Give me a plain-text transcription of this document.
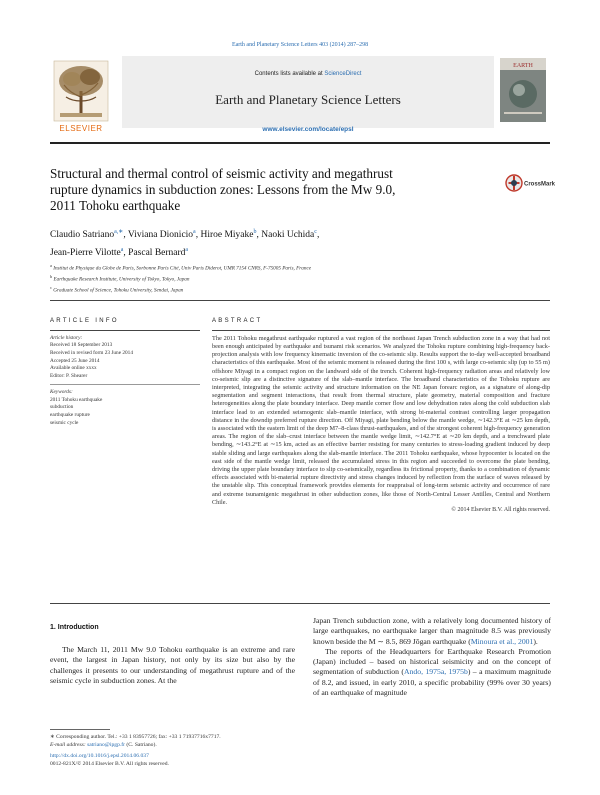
Earth and Planetary Science Letters 403 (2014) 287–298
ELSEVIER
Contents lists available at ScienceDirect
Earth and Planetary Science Letters
www.elsevier.com/locate/epsl
EARTH
Structural and thermal control of seismic activity and megathrust
rupture dynamics in subduction zones: Lessons from the Mw 9.0,
2011 Tohoku earthquake
CrossMark
Claudio Satriano$^{a,∗}$, Viviana Dionicio$^a$, Hiroe Miyake$^b$, Naoki Uchida$^c$,
Jean-Pierre Vilotte$^a$, Pascal Bernard$^a$
$^a$ Institut de Physique du Globe de Paris, Sorbonne Paris Cité, Univ Paris Diderot, UMR 7154 CNRS, F-75005 Paris, France
$^b$ Earthquake Research Institute, University of Tokyo, Tokyo, Japan
$^c$ Graduate School of Science, Tohoku University, Sendai, Japan
ARTICLE INFO
Article history:
Received 18 September 2013
Received in revised form 23 June 2014
Accepted 25 June 2014
Available online xxxx
Editor: P. Shearer
Keywords:
2011 Tohoku earthquake
subduction
earthquake rupture
seismic cycle
ABSTRACT
The 2011 Tohoku megathrust earthquake ruptured a vast region of the northeast Japan Trench subduction zone in a way that had not been enough anticipated by earthquake and tsunami risk scenarios. We analyzed the Tohoku rupture combining high-frequency back-projection analysis with low frequency kinematic inversion of the co-seismic slip. Results support the to-day well-accepted broadband characteristics of this earthquake. Most of the seismic moment is released during the first 100 s, with large co-seismic slip (up to 55 m) offshore Miyagi in a compact region on the landward side of the trench. Coherent high-frequency radiation areas and relatively low co-seismic slip are a distinctive signature of the slab–mantle interface. The broadband characteristics of the Tohoku rupture are interpreted, integrating the seismic activity and structure information on the NE Japan forearc region, as a signature of along-dip segmentation and segment interactions, that result from thermal structure, plate geometry, material composition and fracture heterogeneities along the plate boundary interface. Deep mantle corner flow and low dehydration rates along the cold subduction slab interface lead to an extended seismogenic slab–mantle interface, with strong bi-material contrast controlling larger propagation distance in the downdip preferred rupture direction. Off Miyagi, plate bending below the mantle wedge, ∼142.3°E at ∼25 km depth, is associated with the eastern limit of the deep M7–8-class thrust-earthquakes, and of the strongest coherent high-frequency generation areas. The region of the slab–crust interface between the mantle wedge limit, ∼142.7°E at ∼20 km depth, and a trenchward plate bending, ∼143.2°E at ∼15 km, acted as an effective barrier resisting for many centuries to stress-loading gradient induced by deep stable sliding and large earthquakes along the slab-mantle interface. The 2011 Tohoku earthquake, whose hypocenter is located on the east side of the mantle wedge limit, released the accumulated stress in this region and succeeded to overcome the plate bending, driving the upper plate boundary interface to slip co-seismically, regardless its frictional property, thanks to a combination of dynamic effects associated with bi-material rupture directivity and stress changes induced by reflection from the surface of waves released by the unstable slip. This conceptual framework provides elements for reappraisal of long-term seismic activity and occurrence of rare and extreme tsunamigenic megathrust in other subduction zones, like those of North-Central Lesser Antilles, Central and Northern Chile.
© 2014 Elsevier B.V. All rights reserved.
1. Introduction
The March 11, 2011 Mw 9.0 Tohoku earthquake is an extreme and rare event, the largest in Japan history, not only by its size but also by the challenges it presents to our understanding of megathrust rupture and of the seismic cycle in subduction zones. At the

Japan Trench subduction zone, with a relatively long documented history of large earthquakes, no earthquake larger than magnitude 8.5 was previously known beside the M ∼ 8.5, 869 Jōgan earthquake (Minoura et al., 2001).

The reports of the Headquarters for Earthquake Research Promotion (Japan) included – based on historical seismicity and on the concept of segmentation of subduction (Ando, 1975a, 1975b) – a maximum magnitude of 8.2, and issued, in early 2010, a specific probability (99% over 30 years) of an earthquake of magnitude

∗ Corresponding author. Tel.: +33 1 83957726; fax: +33 1 71937716x7717.
E-mail address: satriano@ipgp.fr (C. Satriano).
http://dx.doi.org/10.1016/j.epsl.2014.06.037
0012-821X/© 2014 Elsevier B.V. All rights reserved.
